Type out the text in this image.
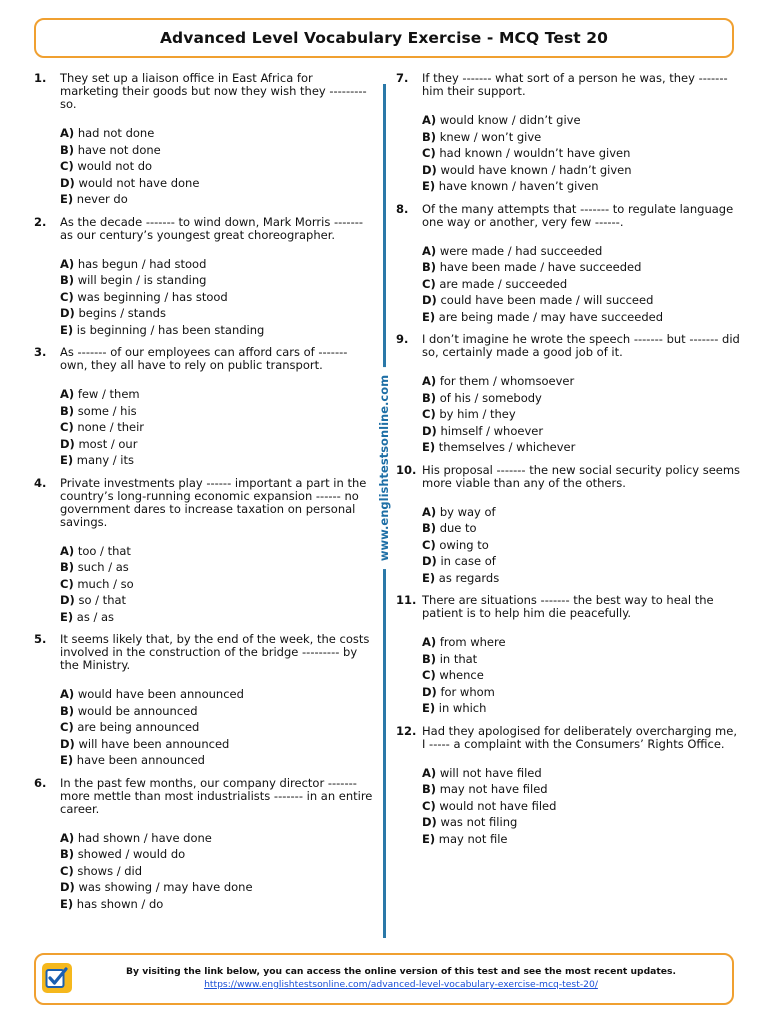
Advanced Level Vocabulary Exercise - MCQ Test 20
1.	They set up a liaison office in East Africa for marketing their goods but now they wish they --------- so.
A) had not done
B) have not done
C) would not do
D) would not have done
E) never do
2.	As the decade ------- to wind down, Mark Morris ------- as our century’s youngest great choreographer.
A) has begun / had stood
B) will begin / is standing
C) was beginning / has stood
D) begins / stands
E) is beginning / has been standing
3.	As ------- of our employees can afford cars of ------- own, they all have to rely on public transport.
A) few / them
B) some / his
C) none / their
D) most / our
E) many / its
4.	Private investments play ------ important a part in the country’s long-running economic expansion ------ no government dares to increase taxation on personal savings.
A) too / that
B) such / as
C) much / so
D) so / that
E) as / as
5.	It seems likely that, by the end of the week, the costs involved in the construction of the bridge --------- by the Ministry.
A) would have been announced
B) would be announced
C) are being announced
D) will have been announced
E) have been announced
6.	In the past few months, our company director ------- more mettle than most industrialists ------- in an entire career.
A) had shown / have done
B) showed / would do
C) shows / did
D) was showing / may have done
E) has shown / do
7.	If they ------- what sort of a person he was, they ------- him their support.
A) would know / didn’t give
B) knew / won’t give
C) had known / wouldn’t have given
D) would have known / hadn’t given
E) have known / haven’t given
8.	Of the many attempts that ------- to regulate language one way or another, very few ------.
A) were made / had succeeded
B) have been made / have succeeded
C) are made / succeeded
D) could have been made / will succeed
E) are being made / may have succeeded
9.	I don’t imagine he wrote the speech ------- but ------- did so, certainly made a good job of it.
A) for them / whomsoever
B) of his / somebody
C) by him / they
D) himself / whoever
E) themselves / whichever
10. His proposal ------- the new social security policy seems more viable than any of the others.
A) by way of
B) due to
C) owing to
D) in case of
E) as regards
11. There are situations ------- the best way to heal the patient is to help him die peacefully.
A) from where
B) in that
C) whence
D) for whom
E) in which
12. Had they apologised for deliberately overcharging me, I ----- a complaint with the Consumers’ Rights Office.
A) will not have filed
B) may not have filed
C) would not have filed
D) was not filing
E) may not file
www.englishtestsonline.com
By visiting the link below, you can access the online version of this test and see the most recent updates.
https://www.englishtestsonline.com/advanced-level-vocabulary-exercise-mcq-test-20/
